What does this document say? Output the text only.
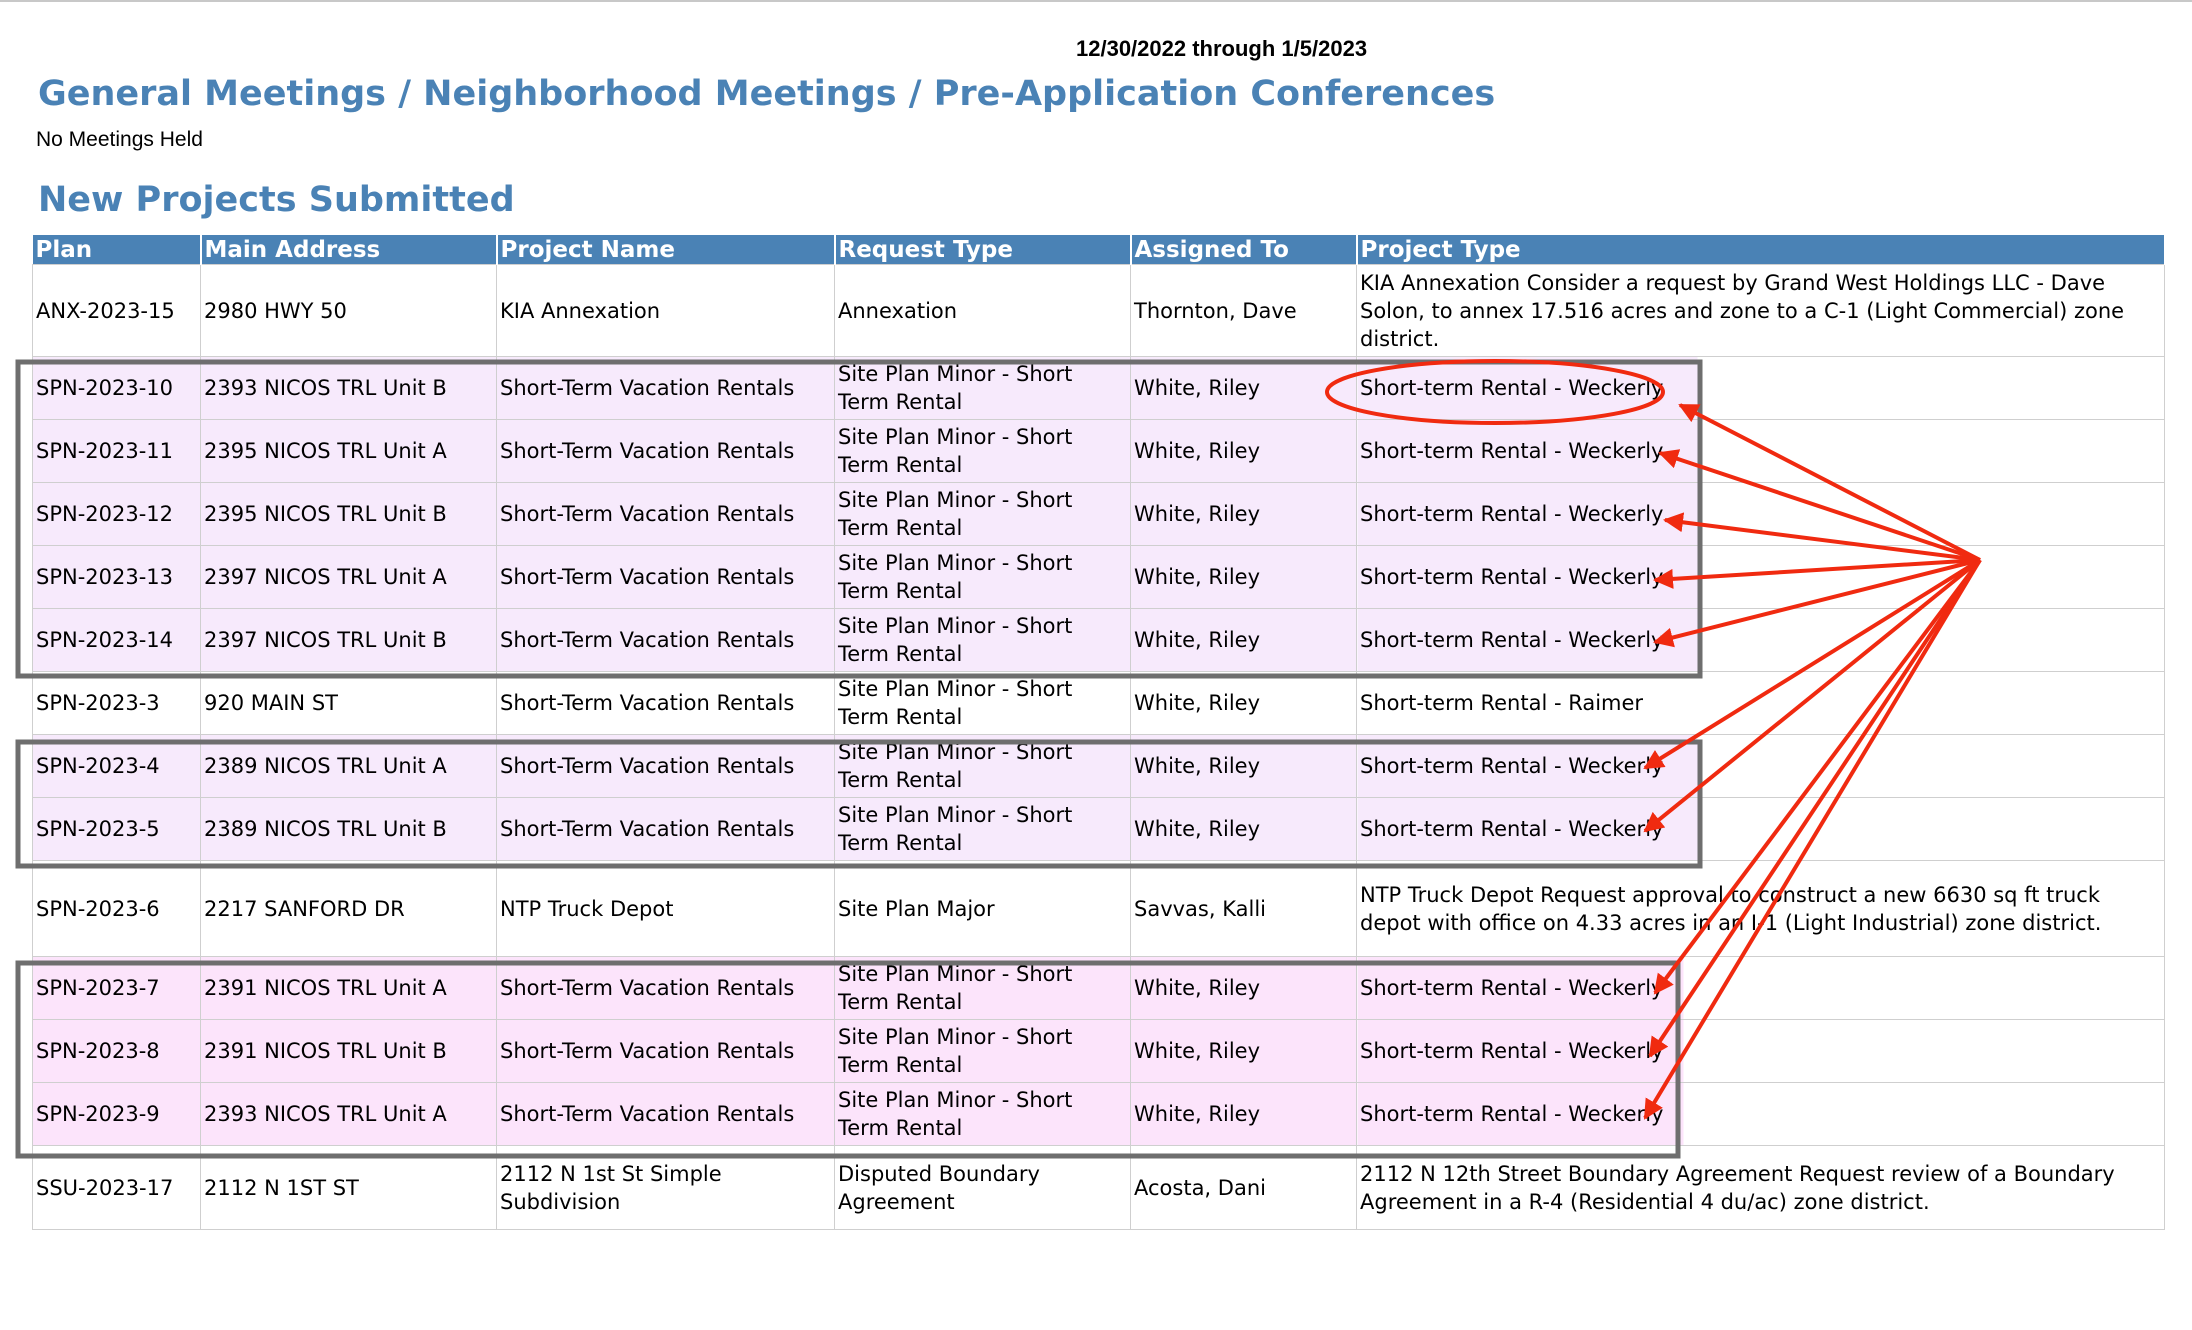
12/30/2022 through 1/5/2023
General Meetings / Neighborhood Meetings / Pre-Application Conferences
No Meetings Held
New Projects Submitted
Plan	Main Address	Project Name	Request Type	Assigned To	Project Type
ANX-2023-15	2980 HWY 50	KIA Annexation	Annexation	Thornton, Dave	KIA Annexation Consider a request by Grand West Holdings LLC - Dave Solon, to annex 17.516 acres and zone to a C-1 (Light Commercial) zone district.
SPN-2023-10	2393 NICOS TRL Unit B	Short-Term Vacation Rentals	Site Plan Minor - Short Term Rental	White, Riley	Short-term Rental - Weckerly
SPN-2023-11	2395 NICOS TRL Unit A	Short-Term Vacation Rentals	Site Plan Minor - Short Term Rental	White, Riley	Short-term Rental - Weckerly
SPN-2023-12	2395 NICOS TRL Unit B	Short-Term Vacation Rentals	Site Plan Minor - Short Term Rental	White, Riley	Short-term Rental - Weckerly
SPN-2023-13	2397 NICOS TRL Unit A	Short-Term Vacation Rentals	Site Plan Minor - Short Term Rental	White, Riley	Short-term Rental - Weckerly
SPN-2023-14	2397 NICOS TRL Unit B	Short-Term Vacation Rentals	Site Plan Minor - Short Term Rental	White, Riley	Short-term Rental - Weckerly
SPN-2023-3	920 MAIN ST	Short-Term Vacation Rentals	Site Plan Minor - Short Term Rental	White, Riley	Short-term Rental - Raimer
SPN-2023-4	2389 NICOS TRL Unit A	Short-Term Vacation Rentals	Site Plan Minor - Short Term Rental	White, Riley	Short-term Rental - Weckerly
SPN-2023-5	2389 NICOS TRL Unit B	Short-Term Vacation Rentals	Site Plan Minor - Short Term Rental	White, Riley	Short-term Rental - Weckerly
SPN-2023-6	2217 SANFORD DR	NTP Truck Depot	Site Plan Major	Savvas, Kalli	NTP Truck Depot Request approval to construct a new 6630 sq ft truck depot with office on 4.33 acres in an I-1 (Light Industrial) zone district.
SPN-2023-7	2391 NICOS TRL Unit A	Short-Term Vacation Rentals	Site Plan Minor - Short Term Rental	White, Riley	Short-term Rental - Weckerly
SPN-2023-8	2391 NICOS TRL Unit B	Short-Term Vacation Rentals	Site Plan Minor - Short Term Rental	White, Riley	Short-term Rental - Weckerly
SPN-2023-9	2393 NICOS TRL Unit A	Short-Term Vacation Rentals	Site Plan Minor - Short Term Rental	White, Riley	Short-term Rental - Weckerly
SSU-2023-17	2112 N 1ST ST	2112 N 1st St Simple Subdivision	Disputed Boundary Agreement	Acosta, Dani	2112 N 12th Street Boundary Agreement Request review of a Boundary Agreement in a R-4 (Residential 4 du/ac) zone district.
